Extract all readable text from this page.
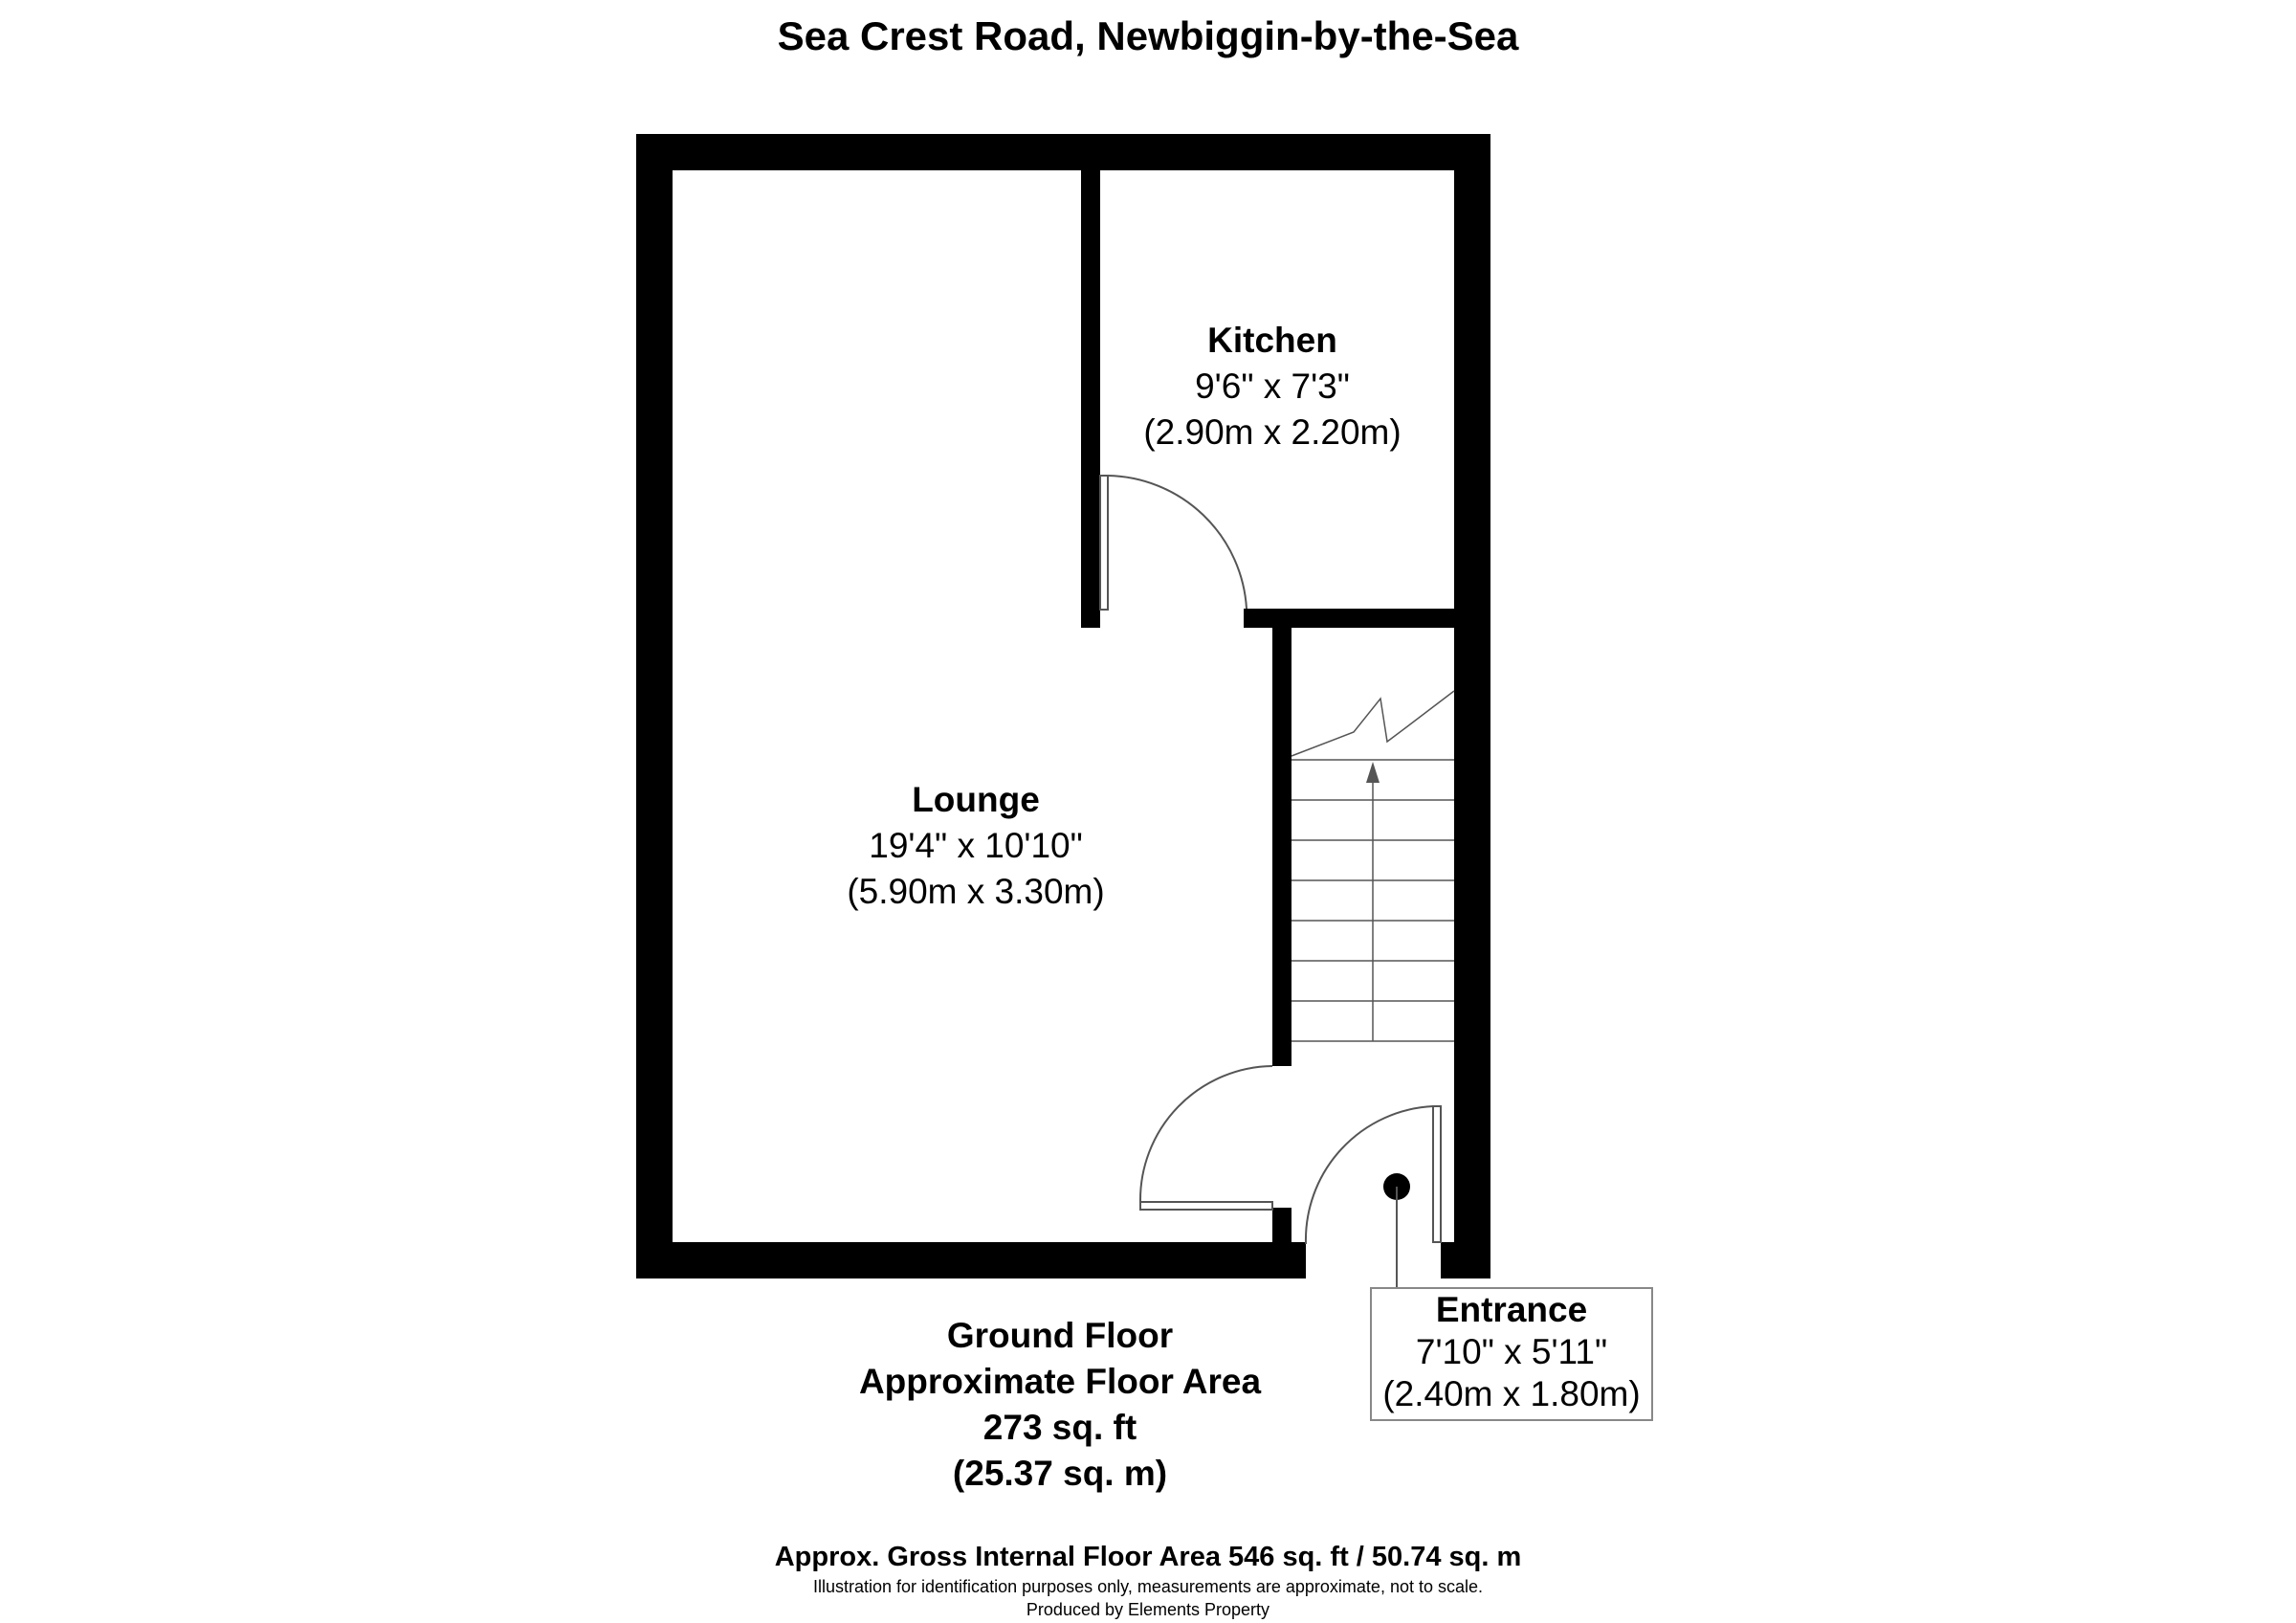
Sea Crest Road, Newbiggin-by-the-Sea
Kitchen
9'6" x 7'3"
(2.90m x 2.20m)
Lounge
19'4" x 10'10"
(5.90m x 3.30m)
Entrance
7'10" x 5'11"
(2.40m x 1.80m)
Ground Floor
Approximate Floor Area
273 sq. ft
(25.37 sq. m)
Approx. Gross Internal Floor Area 546 sq. ft / 50.74 sq. m
Illustration for identification purposes only, measurements are approximate, not to scale.
Produced by Elements Property
